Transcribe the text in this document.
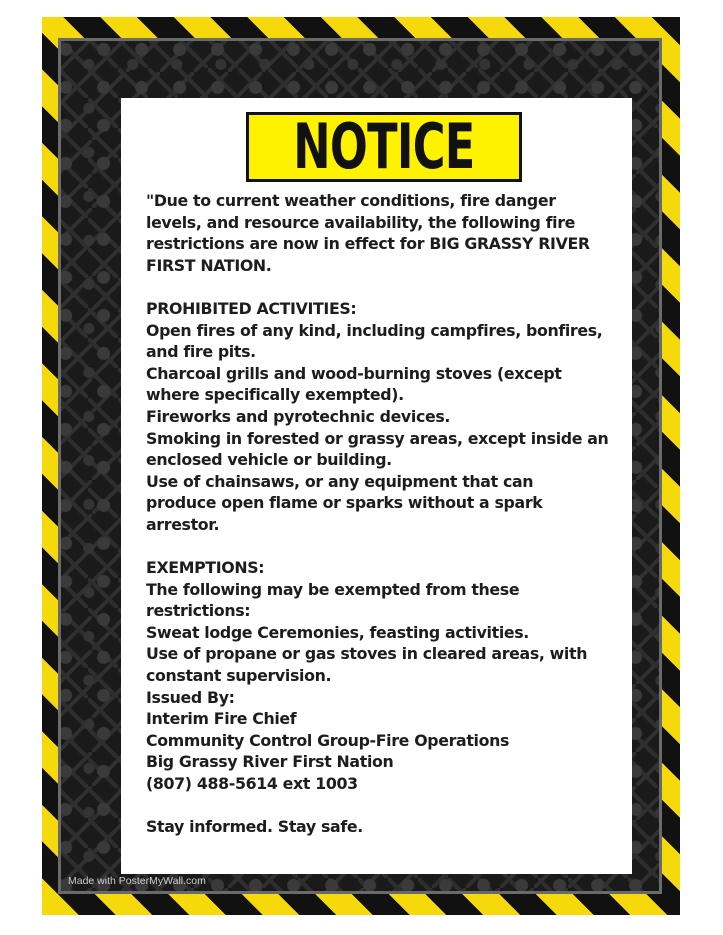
NOTICE
"Due to current weather conditions, fire danger
levels, and resource availability, the following fire
restrictions are now in effect for BIG GRASSY RIVER
FIRST NATION.
PROHIBITED ACTIVITIES:
Open fires of any kind, including campfires, bonfires,
and fire pits.
Charcoal grills and wood-burning stoves (except
where specifically exempted).
Fireworks and pyrotechnic devices.
Smoking in forested or grassy areas, except inside an
enclosed vehicle or building.
Use of chainsaws, or any equipment that can
produce open flame or sparks without a spark
arrestor.
EXEMPTIONS:
The following may be exempted from these
restrictions:
Sweat lodge Ceremonies, feasting activities.
Use of propane or gas stoves in cleared areas, with
constant supervision.
Issued By:
Interim Fire Chief
Community Control Group-Fire Operations
Big Grassy River First Nation
(807) 488-5614 ext 1003
Stay informed. Stay safe.
Made with PosterMyWall.com
